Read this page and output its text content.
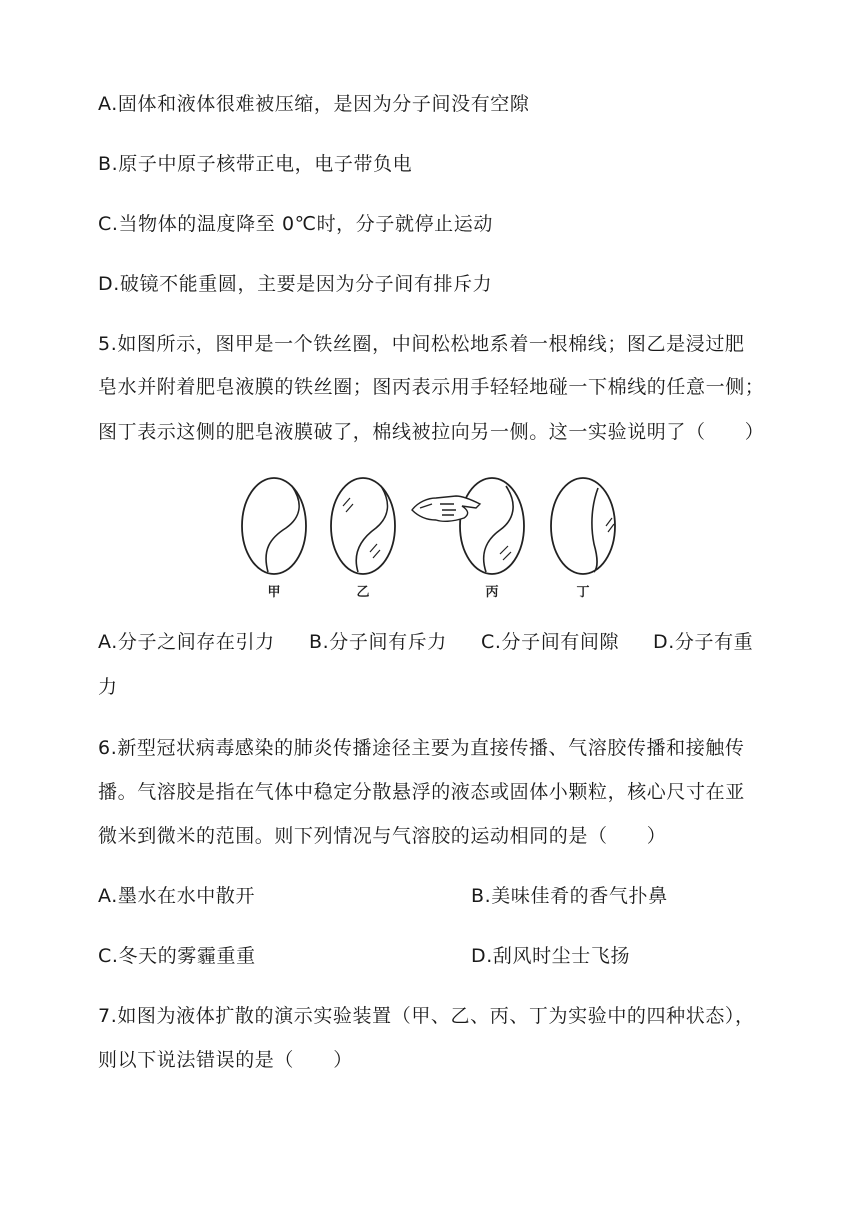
A.固体和液体很难被压缩，是因为分子间没有空隙
B.原子中原子核带正电，电子带负电
C.当物体的温度降至 0℃时，分子就停止运动
D.破镜不能重圆，主要是因为分子间有排斥力
5.如图所示，图甲是一个铁丝圈，中间松松地系着一根棉线；图乙是浸过肥
皂水并附着肥皂液膜的铁丝圈；图丙表示用手轻轻地碰一下棉线的任意一侧；
图丁表示这侧的肥皂液膜破了，棉线被拉向另一侧。这一实验说明了（　　）
甲	乙	丙	丁
A.分子之间存在引力 B.分子间有斥力 C.分子间有间隙 D.分子有重
力
6.新型冠状病毒感染的肺炎传播途径主要为直接传播、气溶胶传播和接触传
播。气溶胶是指在气体中稳定分散悬浮的液态或固体小颗粒，核心尺寸在亚
微米到微米的范围。则下列情况与气溶胶的运动相同的是（　　）
A.墨水在水中散开	B.美味佳肴的香气扑鼻
C.冬天的雾霾重重	D.刮风时尘士飞扬
7.如图为液体扩散的演示实验装置（甲、乙、丙、丁为实验中的四种状态），
则以下说法错误的是（　　）
